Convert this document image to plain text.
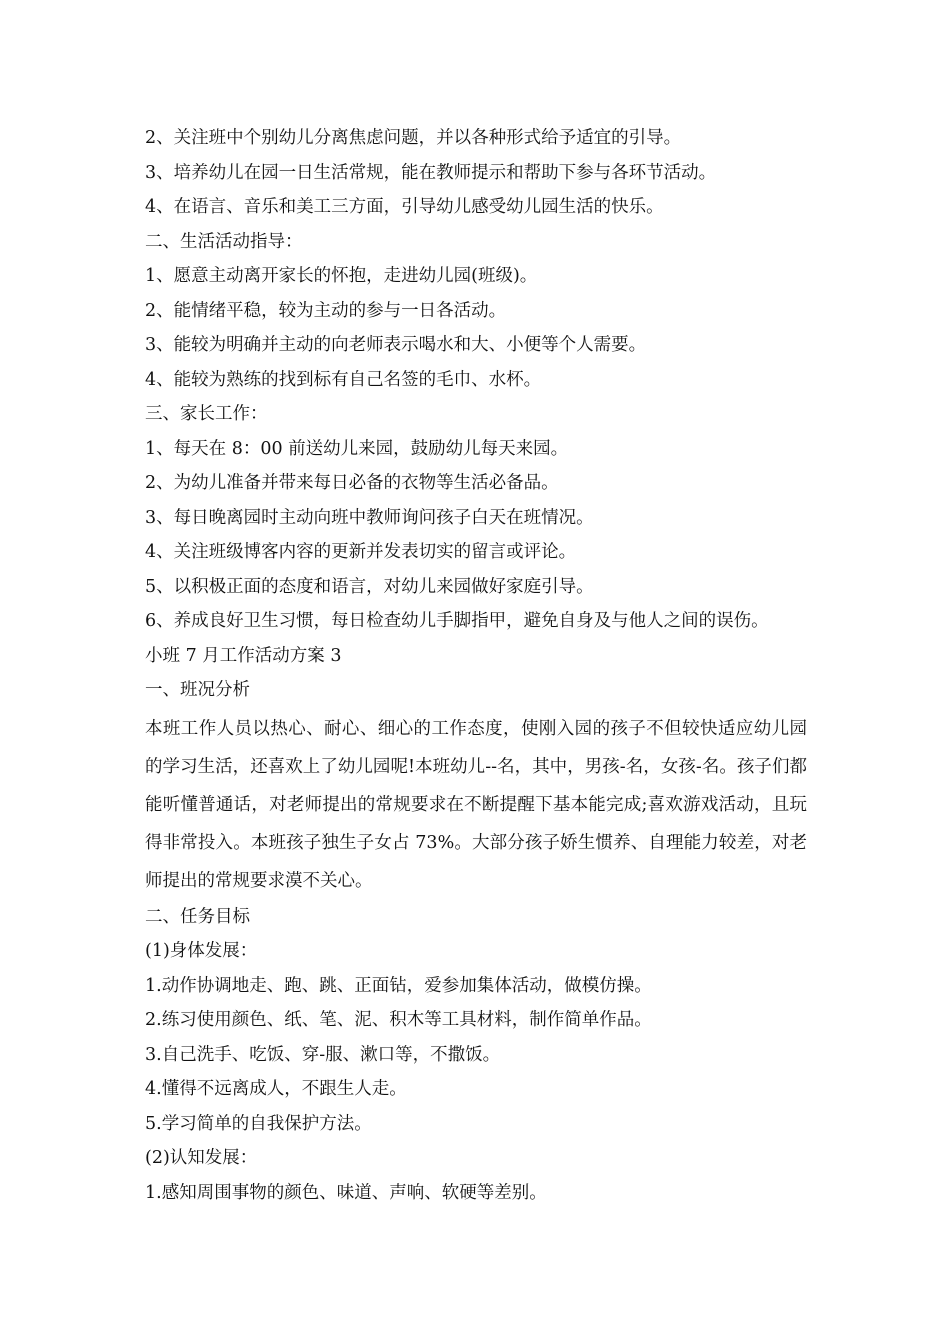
2、关注班中个别幼儿分离焦虑问题，并以各种形式给予适宜的引导。
3、培养幼儿在园一日生活常规，能在教师提示和帮助下参与各环节活动。
4、在语言、音乐和美工三方面，引导幼儿感受幼儿园生活的快乐。
二、生活活动指导：
1、愿意主动离开家长的怀抱，走进幼儿园(班级)。
2、能情绪平稳，较为主动的参与一日各活动。
3、能较为明确并主动的向老师表示喝水和大、小便等个人需要。
4、能较为熟练的找到标有自己名签的毛巾、水杯。
三、家长工作：
1、每天在 8：00 前送幼儿来园，鼓励幼儿每天来园。
2、为幼儿准备并带来每日必备的衣物等生活必备品。
3、每日晚离园时主动向班中教师询问孩子白天在班情况。
4、关注班级博客内容的更新并发表切实的留言或评论。
5、以积极正面的态度和语言，对幼儿来园做好家庭引导。
6、养成良好卫生习惯，每日检查幼儿手脚指甲，避免自身及与他人之间的误伤。
小班 7 月工作活动方案 3
一、班况分析
本班工作人员以热心、耐心、细心的工作态度，使刚入园的孩子不但较快适应幼儿园的学习生活，还喜欢上了幼儿园呢!本班幼儿--名，其中，男孩-名，女孩-名。孩子们都能听懂普通话，对老师提出的常规要求在不断提醒下基本能完成;喜欢游戏活动，且玩得非常投入。本班孩子独生子女占 73%。大部分孩子娇生惯养、自理能力较差，对老师提出的常规要求漠不关心。
二、任务目标
(1)身体发展：
1.动作协调地走、跑、跳、正面钻，爱参加集体活动，做模仿操。
2.练习使用颜色、纸、笔、泥、积木等工具材料，制作简单作品。
3.自己洗手、吃饭、穿-服、漱口等，不撒饭。
4.懂得不远离成人，不跟生人走。
5.学习简单的自我保护方法。
(2)认知发展：
1.感知周围事物的颜色、味道、声响、软硬等差别。
